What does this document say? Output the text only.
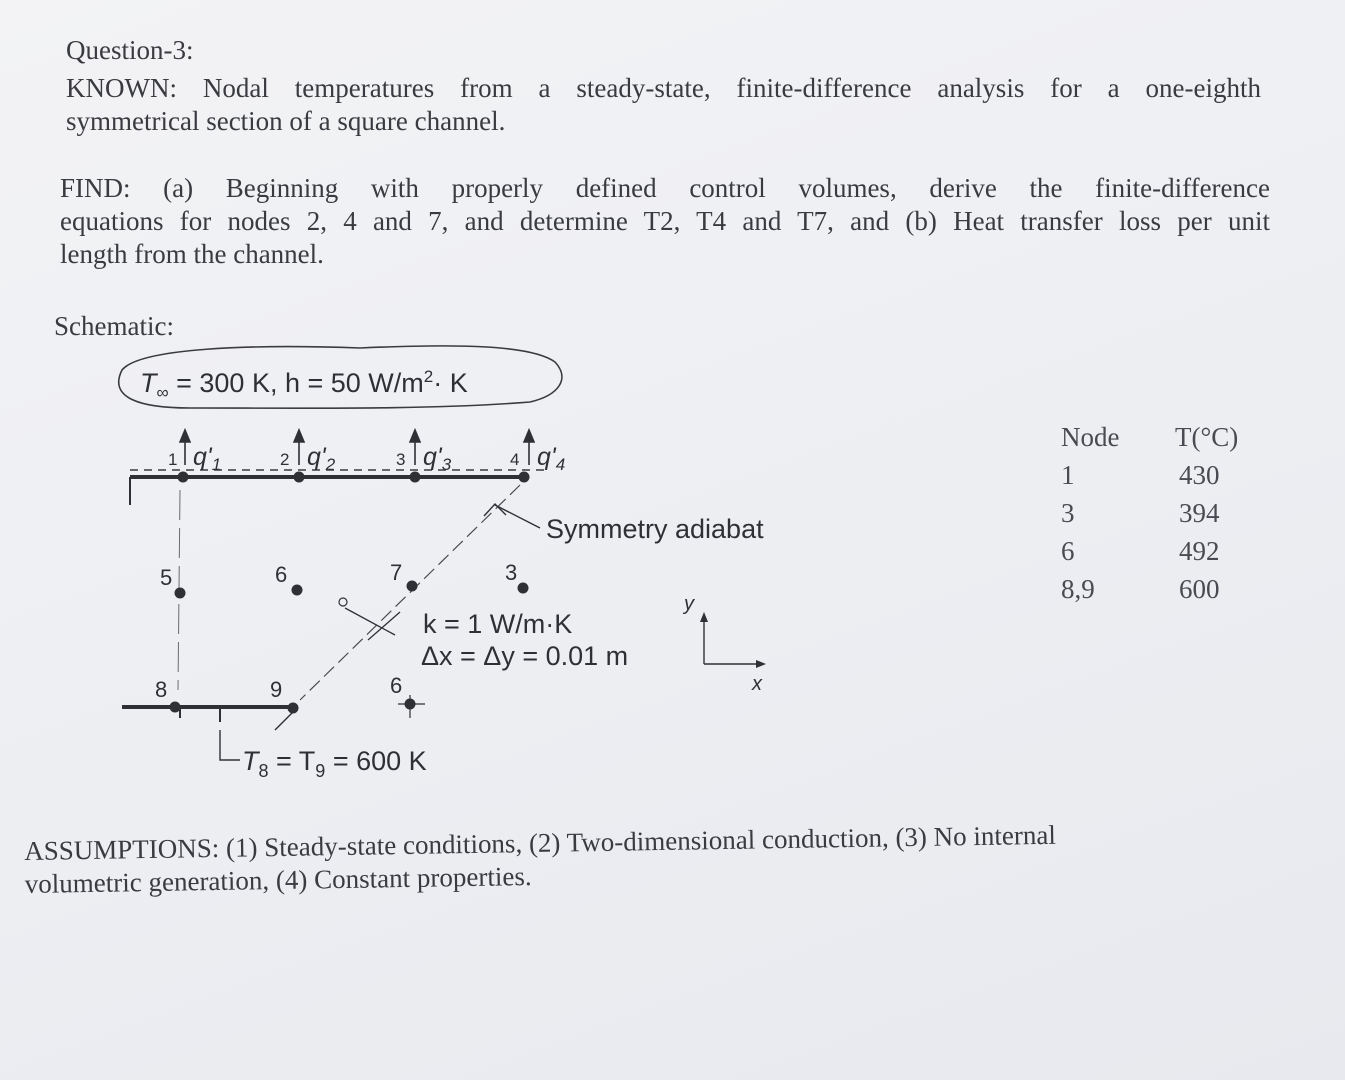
Question-3:
KNOWN: Nodal temperatures from a steady-state, finite-difference analysis for a one-eighth
symmetrical section of a square channel.
FIND: (a) Beginning with properly defined control volumes, derive the finite-difference
equations for nodes 2, 4 and 7, and determine T2, T4 and T7, and (b) Heat transfer loss per unit
length from the channel.
Schematic:
$T_\infty = 300$ K, h = 50 $W/m^2\cdot K$
1 $q'_1$	2 $q'_2$	3 $q'_3$	4 $q'_4$
Symmetry adiabat
5	6	7	3
k = 1 W/m·K
Δx = Δy = 0.01 m
y
x
8	9	6
$T_8 = T_9 = 600$ K
Node	T(°C)
1	430
3	394
6	492
8,9	600
ASSUMPTIONS: (1) Steady-state conditions, (2) Two-dimensional conduction, (3) No internal
volumetric generation, (4) Constant properties.
